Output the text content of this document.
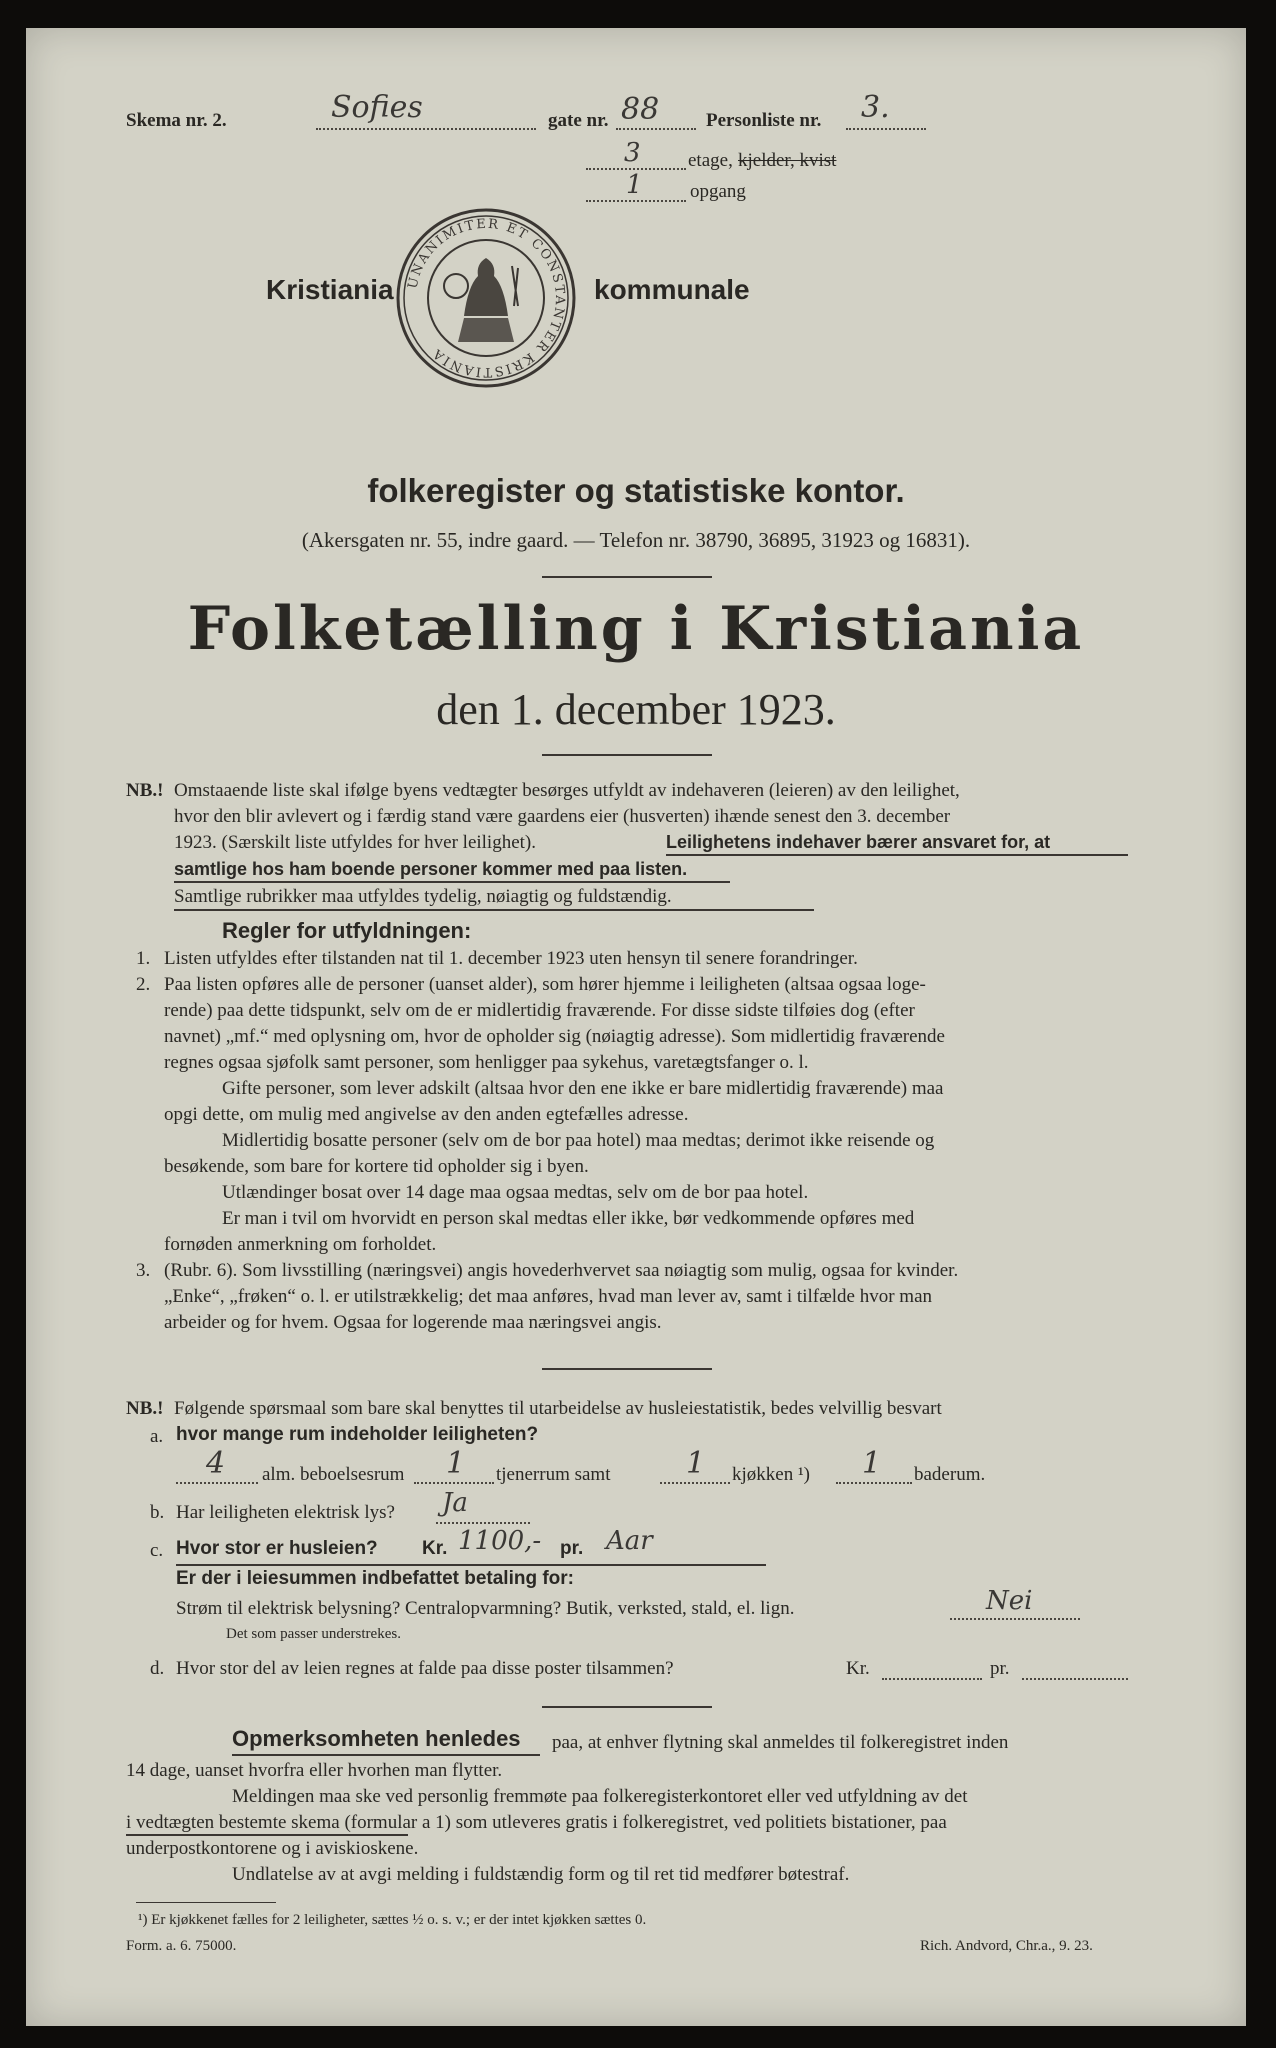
Skema nr. 2.	Sofies	gate nr. 88 Personliste nr. 3.
3 etage, kjelder, kvist
1 opgang
Kristiania UNANIMITER ET CONSTANTER KRISTIANIA
kommunale
folkeregister og statistiske kontor.
(Akersgaten nr. 55, indre gaard. — Telefon nr. 38790, 36895, 31923 og 16831).
Folketælling i Kristiania
den 1. december 1923.
NB.! Omstaaende liste skal ifølge byens vedtægter besørges utfyldt av indehaveren (leieren) av den leilighet,
hvor den blir avlevert og i færdig stand være gaardens eier (husverten) ihænde senest den 3. december
1923. (Særskilt liste utfyldes for hver leilighet).	Leilighetens indehaver bærer ansvaret for, at
samtlige hos ham boende personer kommer med paa listen.
Samtlige rubrikker maa utfyldes tydelig, nøiagtig og fuldstændig.
Regler for utfyldningen:
1. Listen utfyldes efter tilstanden nat til 1. december 1923 uten hensyn til senere forandringer.
2. Paa listen opføres alle de personer (uanset alder), som hører hjemme i leiligheten (altsaa ogsaa loge-
rende) paa dette tidspunkt, selv om de er midlertidig fraværende. For disse sidste tilføies dog (efter
navnet) „mf.“ med oplysning om, hvor de opholder sig (nøiagtig adresse). Som midlertidig fraværende
regnes ogsaa sjøfolk samt personer, som henligger paa sykehus, varetægtsfanger o. l.
Gifte personer, som lever adskilt (altsaa hvor den ene ikke er bare midlertidig fraværende) maa
opgi dette, om mulig med angivelse av den anden egtefælles adresse.
Midlertidig bosatte personer (selv om de bor paa hotel) maa medtas; derimot ikke reisende og
besøkende, som bare for kortere tid opholder sig i byen.
Utlændinger bosat over 14 dage maa ogsaa medtas, selv om de bor paa hotel.
Er man i tvil om hvorvidt en person skal medtas eller ikke, bør vedkommende opføres med
fornøden anmerkning om forholdet.
3. (Rubr. 6). Som livsstilling (næringsvei) angis hovederhvervet saa nøiagtig som mulig, ogsaa for kvinder.
„Enke“, „frøken“ o. l. er utilstrækkelig; det maa anføres, hvad man lever av, samt i tilfælde hvor man
arbeider og for hvem. Ogsaa for logerende maa næringsvei angis.
NB.! Følgende spørsmaal som bare skal benyttes til utarbeidelse av husleiestatistik, bedes velvillig besvart
a. hvor mange rum indeholder leiligheten?
4 alm. beboelsesrum 1 tjenerrum samt	1 kjøkken ¹) 1 baderum.
b. Har leiligheten elektrisk lys? Ja
c. Hvor stor er husleien? Kr. 1100,- pr. Aar
Er der i leiesummen indbefattet betaling for:
Strøm til elektrisk belysning? Centralopvarmning? Butik, verksted, stald, el. lign.	Nei
Det som passer understrekes.
d. Hvor stor del av leien regnes at falde paa disse poster tilsammen?	Kr.	pr.
Opmerksomheten henledes paa, at enhver flytning skal anmeldes til folkeregistret inden
14 dage, uanset hvorfra eller hvorhen man flytter.
Meldingen maa ske ved personlig fremmøte paa folkeregisterkontoret eller ved utfyldning av det
i vedtægten bestemte skema (formular a 1) som utleveres gratis i folkeregistret, ved politiets bistationer, paa
underpostkontorene og i aviskioskene.
Undlatelse av at avgi melding i fuldstændig form og til ret tid medfører bøtestraf.
¹) Er kjøkkenet fælles for 2 leiligheter, sættes ½ o. s. v.; er der intet kjøkken sættes 0.
Form. a. 6. 75000.	Rich. Andvord, Chr.a., 9. 23.
